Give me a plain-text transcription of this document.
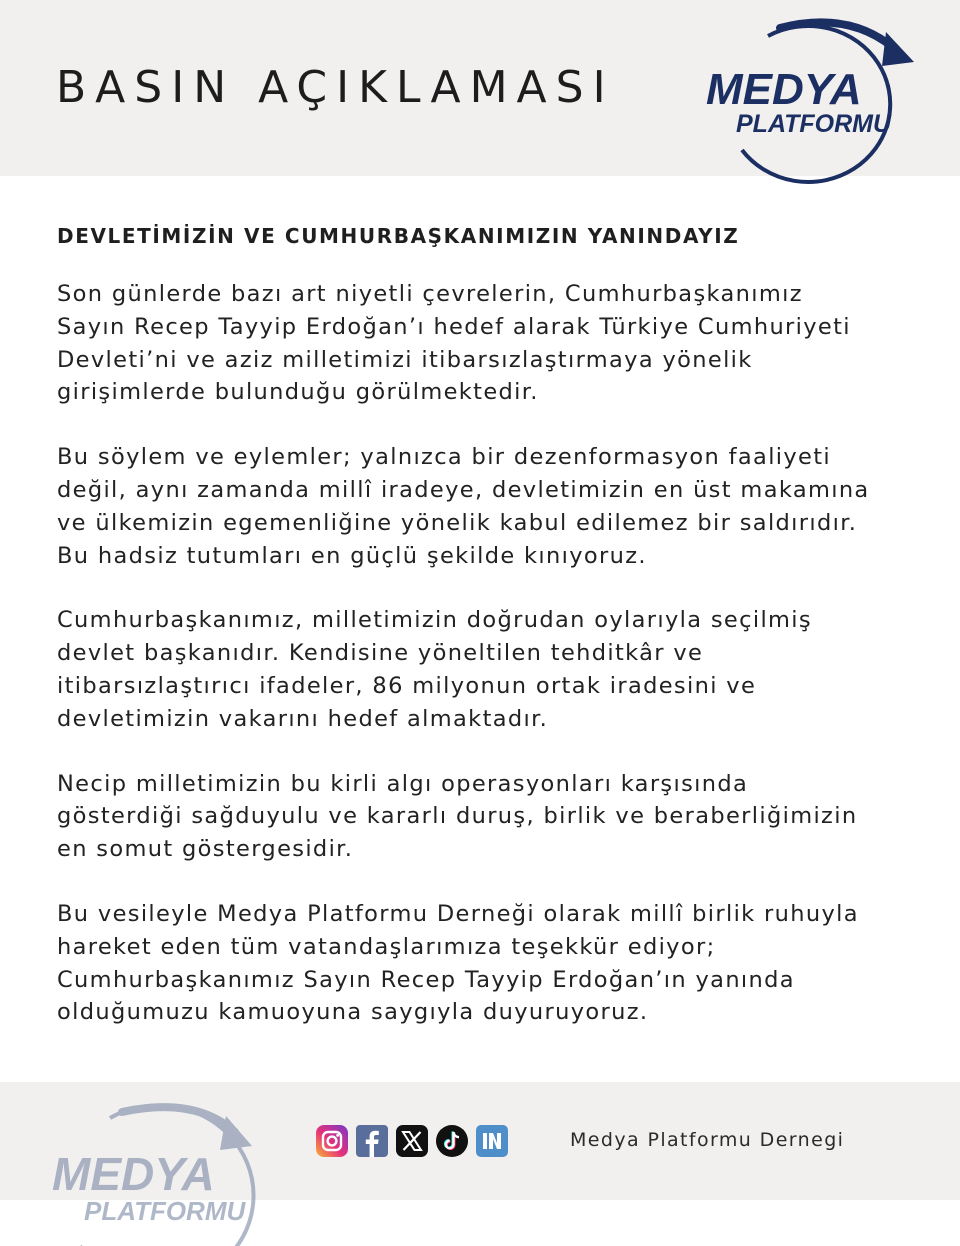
BASIN AÇIKLAMASI MEDYA
PLATFORMU
DEVLETİMİZİN VE CUMHURBAŞKANIMIZIN YANINDAYIZ
Son günlerde bazı art niyetli çevrelerin, Cumhurbaşkanımız
Sayın Recep Tayyip Erdoğan’ı hedef alarak Türkiye Cumhuriyeti
Devleti’ni ve aziz milletimizi itibarsızlaştırmaya yönelik
girişimlerde bulunduğu görülmektedir.
Bu söylem ve eylemler; yalnızca bir dezenformasyon faaliyeti
değil, aynı zamanda millî iradeye, devletimizin en üst makamına
ve ülkemizin egemenliğine yönelik kabul edilemez bir saldırıdır.
Bu hadsiz tutumları en güçlü şekilde kınıyoruz.
Cumhurbaşkanımız, milletimizin doğrudan oylarıyla seçilmiş
devlet başkanıdır. Kendisine yöneltilen tehditkâr ve
itibarsızlaştırıcı ifadeler, 86 milyonun ortak iradesini ve
devletimizin vakarını hedef almaktadır.
Necip milletimizin bu kirli algı operasyonları karşısında
gösterdiği sağduyulu ve kararlı duruş, birlik ve beraberliğimizin
en somut göstergesidir.
Bu vesileyle Medya Platformu Derneği olarak millî birlik ruhuyla
hareket eden tüm vatandaşlarımıza teşekkür ediyor;
Cumhurbaşkanımız Sayın Recep Tayyip Erdoğan’ın yanında
olduğumuzu kamuoyuna saygıyla duyuruyoruz.
MEDYA
PLATFORMU
Medya Platformu Dernegi
